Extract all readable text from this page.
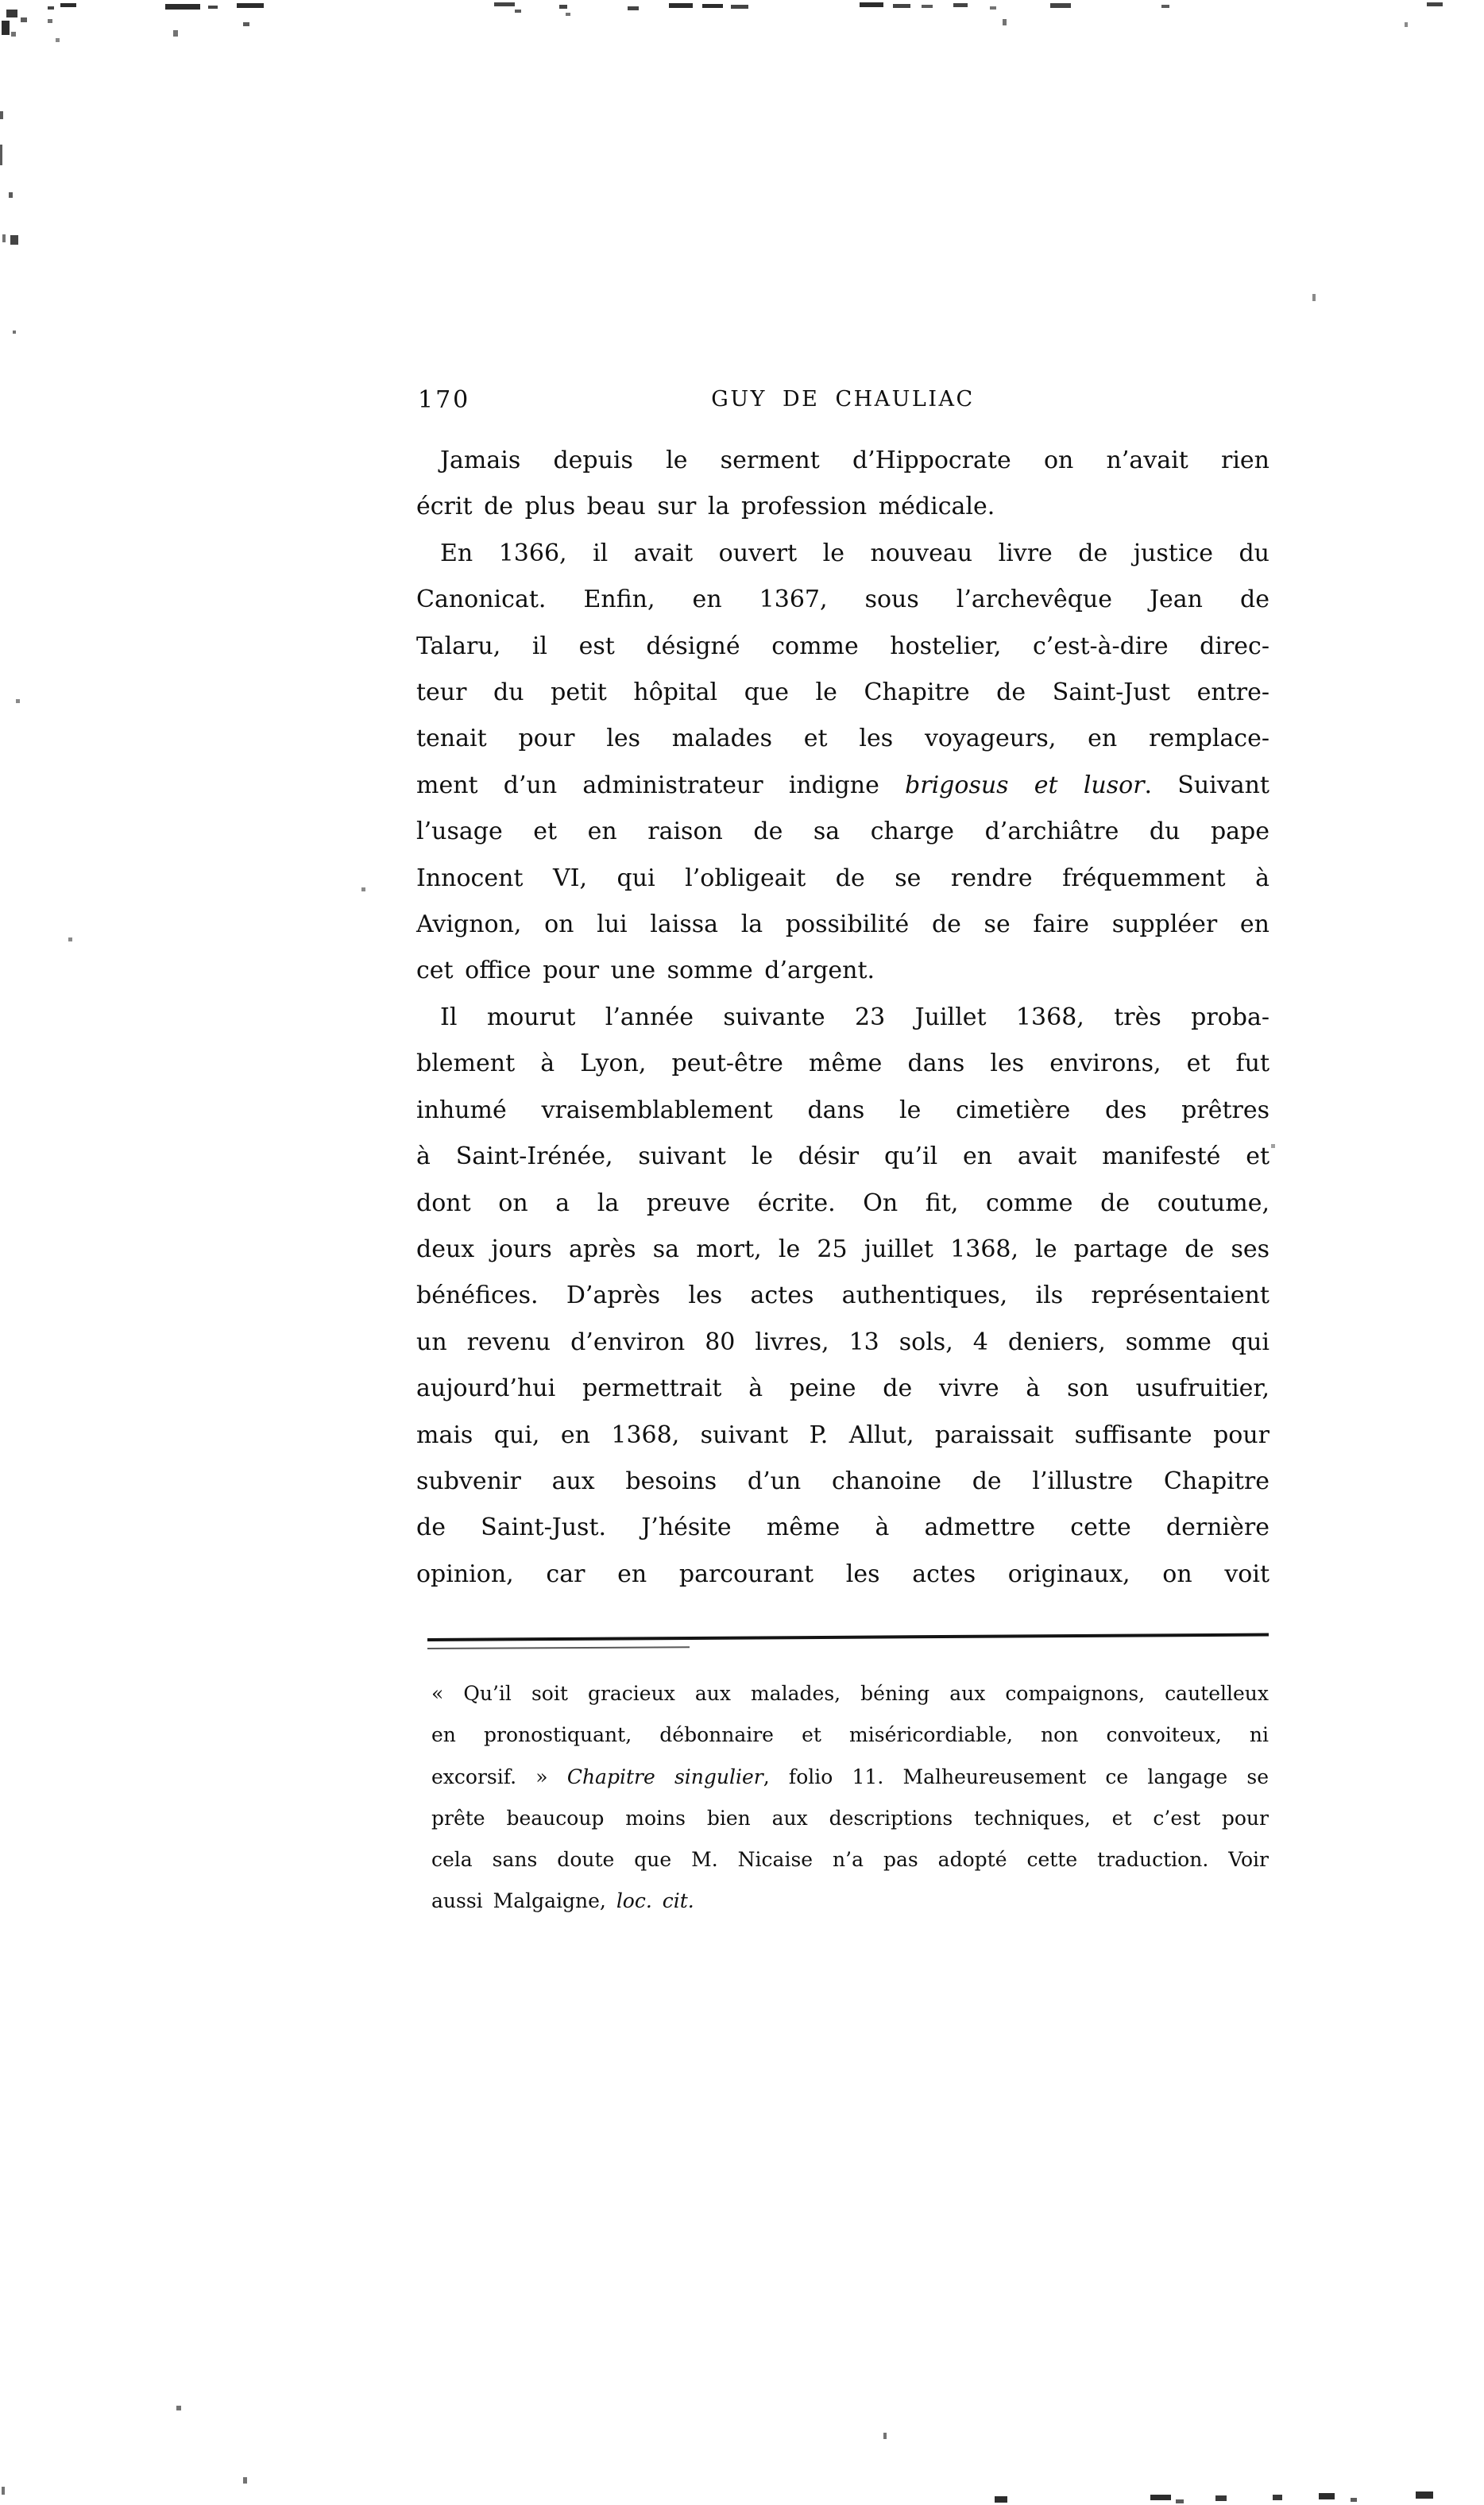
170	GUY DE CHAULIAC
Jamais depuis le serment d’Hippocrate on n’avait rien
écrit de plus beau sur la profession médicale.
En 1366, il avait ouvert le nouveau livre de justice du
Canonicat. Enfin, en 1367, sous l’archevêque Jean de
Talaru, il est désigné comme hostelier, c’est-à-dire direc-
teur du petit hôpital que le Chapitre de Saint-Just entre-
tenait pour les malades et les voyageurs, en remplace-
ment d’un administrateur indigne brigosus et lusor. Suivant
l’usage et en raison de sa charge d’archiâtre du pape
Innocent VI, qui l’obligeait de se rendre fréquemment à
Avignon, on lui laissa la possibilité de se faire suppléer en
cet office pour une somme d’argent.
Il mourut l’année suivante 23 Juillet 1368, très proba-
blement à Lyon, peut-être même dans les environs, et fut
inhumé vraisemblablement dans le cimetière des prêtres
à Saint-Irénée, suivant le désir qu’il en avait manifesté et
dont on a la preuve écrite. On fit, comme de coutume,
deux jours après sa mort, le 25 juillet 1368, le partage de ses
bénéfices. D’après les actes authentiques, ils représentaient
un revenu d’environ 80 livres, 13 sols, 4 deniers, somme qui
aujourd’hui permettrait à peine de vivre à son usufruitier,
mais qui, en 1368, suivant P. Allut, paraissait suffisante pour
subvenir aux besoins d’un chanoine de l’illustre Chapitre
de Saint-Just. J’hésite même à admettre cette dernière
opinion, car en parcourant les actes originaux, on voit
« Qu’il soit gracieux aux malades, béning aux compaignons, cautelleux
en pronostiquant, débonnaire et miséricordiable, non convoiteux, ni
excorsif. » Chapitre singulier, folio 11. Malheureusement ce langage se
prête beaucoup moins bien aux descriptions techniques, et c’est pour
cela sans doute que M. Nicaise n’a pas adopté cette traduction. Voir
aussi Malgaigne, loc. cit.
